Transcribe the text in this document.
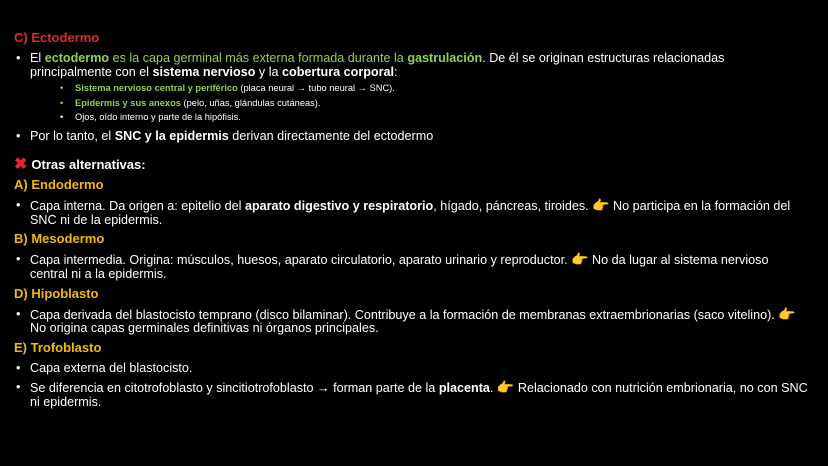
C) Ectodermo

• El ectodermo es la capa germinal más externa formada durante la gastrulación. De él se originan estructuras relacionadas principalmente con el sistema nervioso y la cobertura corporal:
• Sistema nervioso central y periférico (placa neural → tubo neural → SNC).
• Epidermis y sus anexos (pelo, uñas, glándulas cutáneas).
• Ojos, oído interno y parte de la hipófisis.
• Por lo tanto, el SNC y la epidermis derivan directamente del ectodermo

✖ Otras alternativas:

A) Endodermo

• Capa interna. Da origen a: epitelio del aparato digestivo y respiratorio, hígado, páncreas, tiroides. 👉 No participa en la formación del SNC ni de la epidermis.

B) Mesodermo

• Capa intermedia. Origina: músculos, huesos, aparato circulatorio, aparato urinario y reproductor. 👉 No da lugar al sistema nervioso central ni a la epidermis.

D) Hipoblasto

• Capa derivada del blastocisto temprano (disco bilaminar). Contribuye a la formación de membranas extraembrionarias (saco vitelino). 👉 No origina capas germinales definitivas ni órganos principales.

E) Trofoblasto

• Capa externa del blastocisto.
• Se diferencia en citotrofoblasto y sincitiotrofoblasto → forman parte de la placenta. 👉 Relacionado con nutrición embrionaria, no con SNC ni epidermis.
